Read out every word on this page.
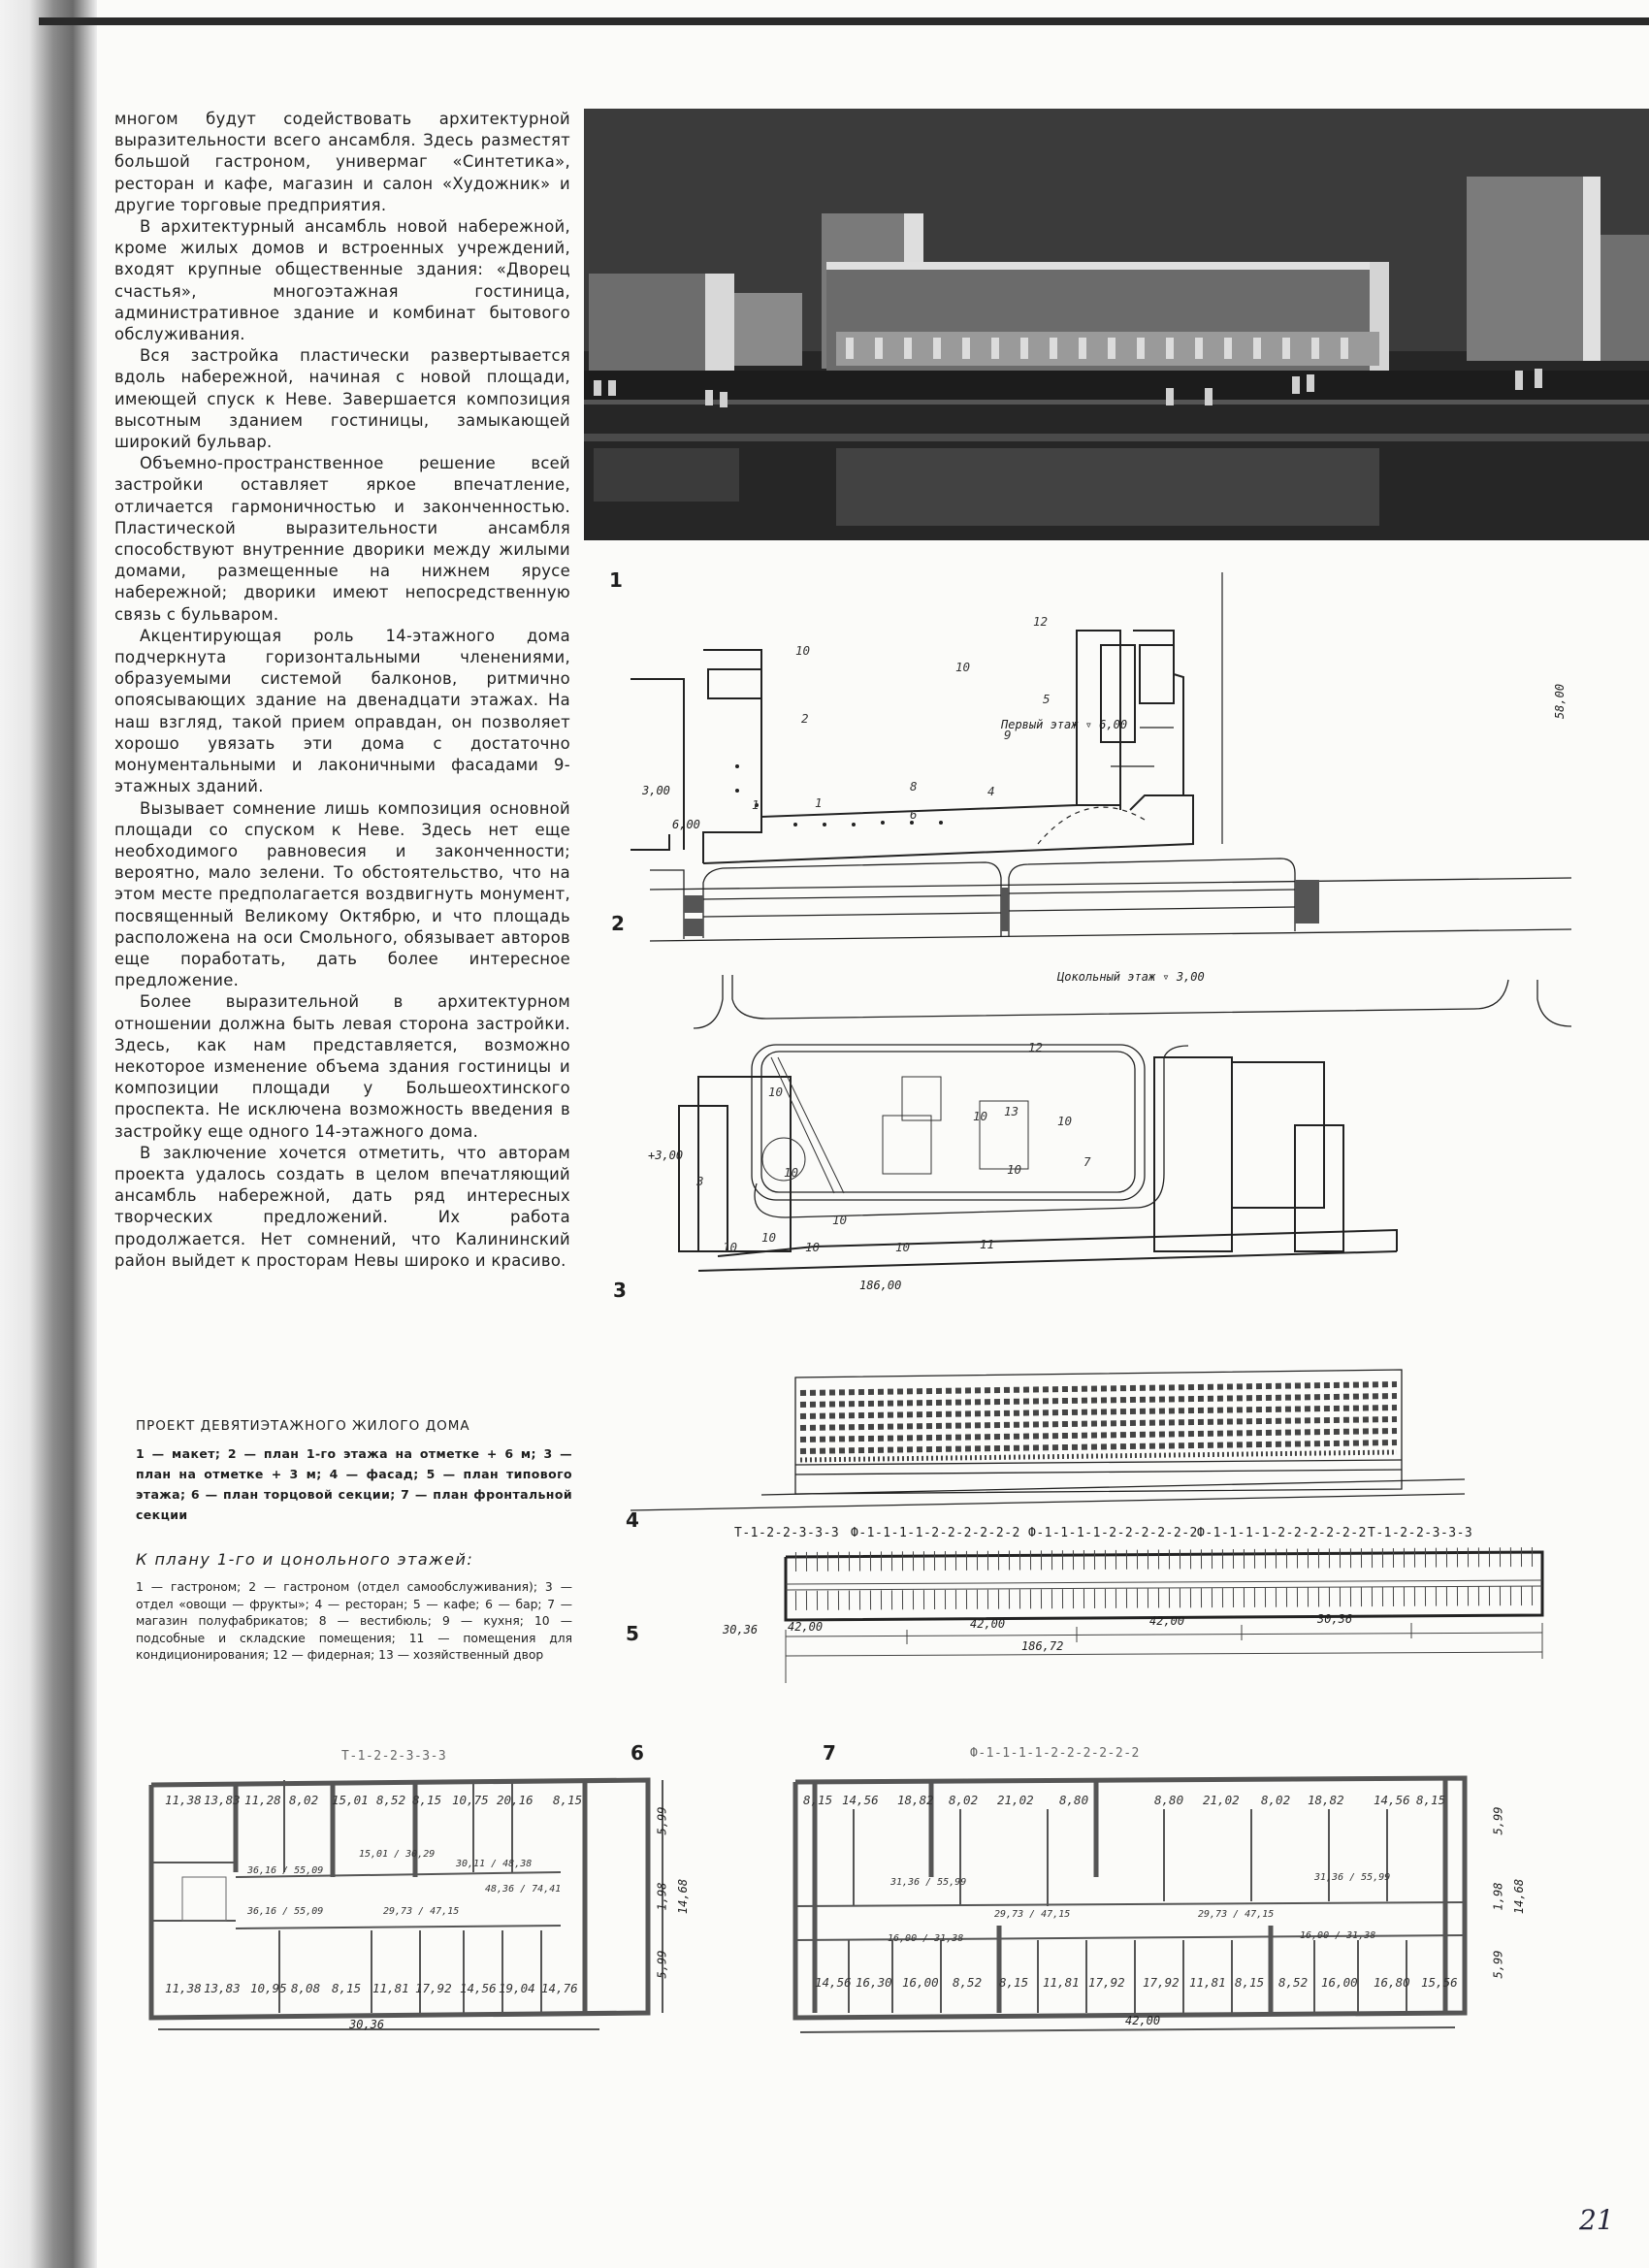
многом будут содействовать архитектурной выразительности всего ансамбля. Здесь разместят большой гастроном, универмаг «Синтетика», ресторан и кафе, магазин и салон «Художник» и другие торговые предприятия.

В архитектурный ансамбль новой набережной, кроме жилых домов и встроенных учреждений, входят крупные общественные здания: «Дворец счастья», многоэтажная гостиница, административное здание и комбинат бытового обслуживания.

Вся застройка пластически развертывается вдоль набережной, начиная с новой площади, имеющей спуск к Неве. Завершается композиция высотным зданием гостиницы, замыкающей широкий бульвар.

Объемно-пространственное решение всей застройки оставляет яркое впечатление, отличается гармоничностью и законченностью. Пластической выразительности ансамбля способствуют внутренние дворики между жилыми домами, размещенные на нижнем ярусе набережной; дворики имеют непосредственную связь с бульваром.

Акцентирующая роль 14-этажного дома подчеркнута горизонтальными членениями, образуемыми системой балконов, ритмично опоясывающих здание на двенадцати этажах. На наш взгляд, такой прием оправдан, он позволяет хорошо увязать эти дома с достаточно монументальными и лаконичными фасадами 9-этажных зданий.

Вызывает сомнение лишь композиция основной площади со спуском к Неве. Здесь нет еще необходимого равновесия и законченности; вероятно, мало зелени. То обстоятельство, что на этом месте предполагается воздвигнуть монумент, посвященный Великому Октябрю, и что площадь расположена на оси Смольного, обязывает авторов еще поработать, дать более интересное предложение.

Более выразительной в архитектурном отношении должна быть левая сторона застройки. Здесь, как нам представляется, возможно некоторое изменение объема здания гостиницы и композиции площади у Большеохтинского проспекта. Не исключена возможность введения в застройку еще одного 14-этажного дома.

В заключение хочется отметить, что авторам проекта удалось создать в целом впечатляющий ансамбль набережной, дать ряд интересных творческих предложений. Их работа продолжается. Нет сомнений, что Калининский район выйдет к просторам Невы широко и красиво.

ПРОЕКТ ДЕВЯТИЭТАЖНОГО ЖИЛОГО ДОМА
1 — макет; 2 — план 1-го этажа на отметке + 6 м; 3 — план на отметке + 3 м; 4 — фасад; 5 — план типового этажа; 6 — план торцовой секции; 7 — план фронтальной секции
К плану 1-го и цонольного этажей:
1 — гастроном; 2 — гастроном (отдел самообслуживания); 3 — отдел «овощи — фрукты»; 4 — ресторан; 5 — кафе; 6 — бар; 7 — магазин полуфабрикатов; 8 — вестибюль; 9 — кухня; 10 — подсобные и складские помещения; 11 — помещения для кондиционирования; 12 — фидерная; 13 — хозяйственный двор
1
2
3
4
5
6	7
Первый этаж ▿ 6,00
58,00
3,00
6,00
10
2
1	1
8
6
4
10
12
5
9
Цокольный этаж ▿ 3,00
+3,00
186,00
10
10
3
10
10
10
10
10
12
13
10	10
10
7
11
Т-1-2-2-3-3-3 Ф-1-1-1-1-2-2-2-2-2-2 Ф-1-1-1-1-2-2-2-2-2-2 Ф-1-1-1-1-2-2-2-2-2-2 Т-1-2-2-3-3-3
30,36	42,00	42,00	42,00	30,36
186,72
Т-1-2-2-3-3-3
11,38 13,83 11,28 8,02 15,01 8,52 8,15 10,75 20,16 8,15
11,38 13,83 10,95 8,08 8,15 11,81 17,92 14,56 19,04 14,76
36,16 / 55,09
15,01 / 30,29
30,11 / 48,38
48,36 / 74,41
36,16 / 55,09	29,73 / 47,15
5,99
1,98
5,99
14,68
30,36
Ф-1-1-1-1-2-2-2-2-2-2
8,15 14,56 18,82 8,02 21,02 8,80	8,80 21,02 8,02 18,82 14,56 8,15
14,56 16,30 16,00 8,52 8,15 11,81 17,92 17,92 11,81 8,15 8,52 16,00 16,80 15,56
31,36 / 55,99
16,00 / 31,38
29,73 / 47,15	29,73 / 47,15
31,36 / 55,99
16,00 / 31,38
5,99
1,98
5,99
14,68
42,00
21
